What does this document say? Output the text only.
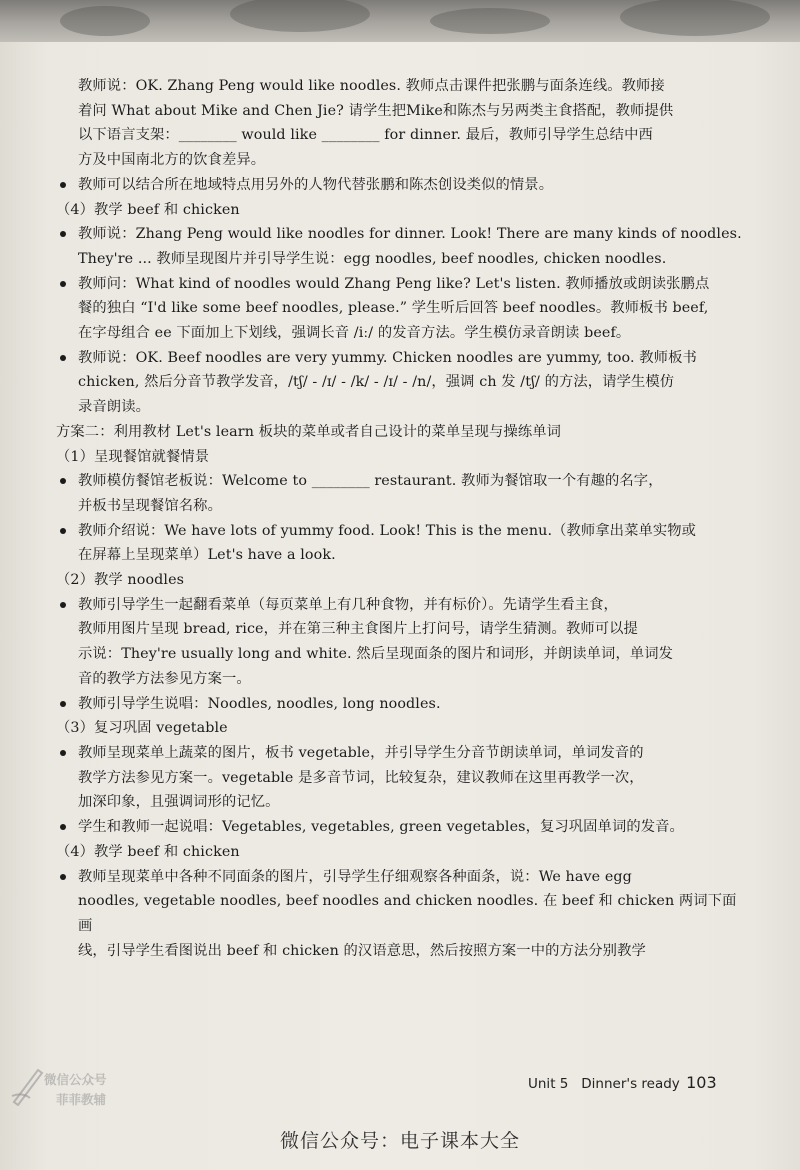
教师说：OK. Zhang Peng would like noodles. 教师点击课件把张鹏与面条连线。教师接

着问 What about Mike and Chen Jie? 请学生把Mike和陈杰与另两类主食搭配，教师提供

以下语言支架：________ would like ________ for dinner. 最后，教师引导学生总结中西

方及中国南北方的饮食差异。

教师可以结合所在地域特点用另外的人物代替张鹏和陈杰创设类似的情景。

（4）教学 beef 和 chicken

教师说：Zhang Peng would like noodles for dinner. Look! There are many kinds of noodles.

They're ... 教师呈现图片并引导学生说：egg noodles, beef noodles, chicken noodles.

教师问：What kind of noodles would Zhang Peng like? Let's listen. 教师播放或朗读张鹏点

餐的独白 “I'd like some beef noodles, please.” 学生听后回答 beef noodles。教师板书 beef,

在字母组合 ee 下面加上下划线，强调长音 /iː/ 的发音方法。学生模仿录音朗读 beef。

教师说：OK. Beef noodles are very yummy. Chicken noodles are yummy, too. 教师板书

chicken, 然后分音节教学发音，/tʃ/ - /ɪ/ - /k/ - /ɪ/ - /n/，强调 ch 发 /tʃ/ 的方法，请学生模仿

录音朗读。

方案二：利用教材 Let's learn 板块的菜单或者自己设计的菜单呈现与操练单词

（1）呈现餐馆就餐情景

教师模仿餐馆老板说：Welcome to ________ restaurant. 教师为餐馆取一个有趣的名字，

并板书呈现餐馆名称。

教师介绍说：We have lots of yummy food. Look! This is the menu.（教师拿出菜单实物或

在屏幕上呈现菜单）Let's have a look.

（2）教学 noodles

教师引导学生一起翻看菜单（每页菜单上有几种食物，并有标价）。先请学生看主食，

教师用图片呈现 bread, rice，并在第三种主食图片上打问号，请学生猜测。教师可以提

示说：They're usually long and white. 然后呈现面条的图片和词形，并朗读单词，单词发

音的教学方法参见方案一。

教师引导学生说唱：Noodles, noodles, long noodles.

（3）复习巩固 vegetable

教师呈现菜单上蔬菜的图片，板书 vegetable，并引导学生分音节朗读单词，单词发音的

教学方法参见方案一。vegetable 是多音节词，比较复杂，建议教师在这里再教学一次，

加深印象，且强调词形的记忆。

学生和教师一起说唱：Vegetables, vegetables, green vegetables，复习巩固单词的发音。

（4）教学 beef 和 chicken

教师呈现菜单中各种不同面条的图片，引导学生仔细观察各种面条，说：We have egg

noodles, vegetable noodles, beef noodles and chicken noodles. 在 beef 和 chicken 两词下面画

线，引导学生看图说出 beef 和 chicken 的汉语意思，然后按照方案一中的方法分别教学

微信公众号
菲菲教辅
Unit 5 Dinner's ready 103
微信公众号：电子课本大全
